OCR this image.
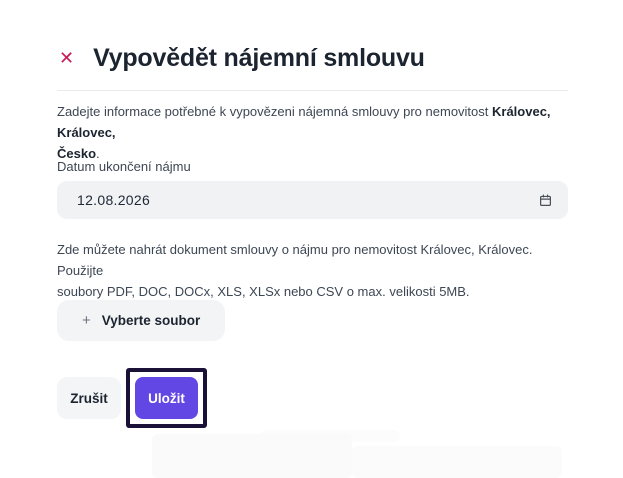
✕ Vypovědět nájemní smlouvu

Zadejte informace potřebné k vypovězeni nájemná smlouvy pro nemovitost Královec, Královec,
Česko.

Datum ukončení nájmu
12.08.2026

Zde můžete nahrát dokument smlouvy o nájmu pro nemovitost Královec, Královec. Použijte
soubory PDF, DOC, DOCx, XLS, XLSx nebo CSV o max. velikosti 5MB.

+ Vyberte soubor
Zrušit	Uložit
